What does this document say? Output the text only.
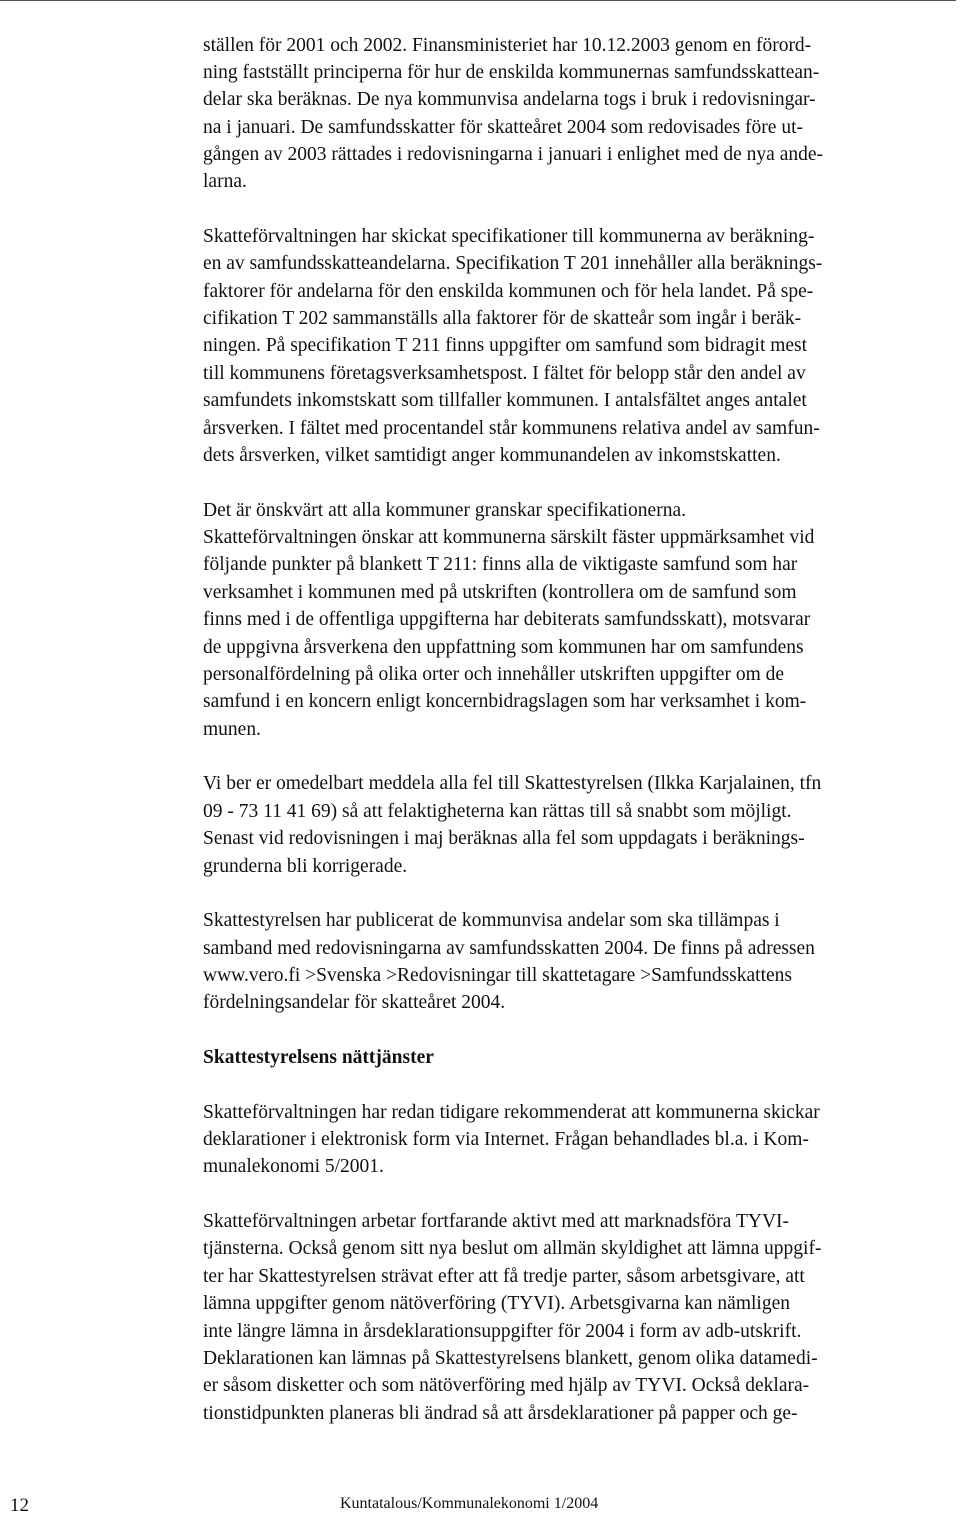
ställen för 2001 och 2002. Finansministeriet har 10.12.2003 genom en förord-
ning fastställt principerna för hur de enskilda kommunernas samfundsskattean-
delar ska beräknas. De nya kommunvisa andelarna togs i bruk i redovisningar-
na i januari. De samfundsskatter för skatteåret 2004 som redovisades före ut-
gången av 2003 rättades i redovisningarna i januari i enlighet med de nya ande-
larna.
Skatteförvaltningen har skickat specifikationer till kommunerna av beräkning-
en av samfundsskatteandelarna. Specifikation T 201 innehåller alla beräknings-
faktorer för andelarna för den enskilda kommunen och för hela landet. På spe-
cifikation T 202 sammanställs alla faktorer för de skatteår som ingår i beräk-
ningen. På specifikation T 211 finns uppgifter om samfund som bidragit mest
till kommunens företagsverksamhetspost. I fältet för belopp står den andel av
samfundets inkomstskatt som tillfaller kommunen. I antalsfältet anges antalet
årsverken. I fältet med procentandel står kommunens relativa andel av samfun-
dets årsverken, vilket samtidigt anger kommunandelen av inkomstskatten.
Det är önskvärt att alla kommuner granskar specifikationerna.
Skatteförvaltningen önskar att kommunerna särskilt fäster uppmärksamhet vid
följande punkter på blankett T 211: finns alla de viktigaste samfund som har
verksamhet i kommunen med på utskriften (kontrollera om de samfund som
finns med i de offentliga uppgifterna har debiterats samfundsskatt), motsvarar
de uppgivna årsverkena den uppfattning som kommunen har om samfundens
personalfördelning på olika orter och innehåller utskriften uppgifter om de
samfund i en koncern enligt koncernbidragslagen som har verksamhet i kom-
munen.
Vi ber er omedelbart meddela alla fel till Skattestyrelsen (Ilkka Karjalainen, tfn
09 - 73 11 41 69) så att felaktigheterna kan rättas till så snabbt som möjligt.
Senast vid redovisningen i maj beräknas alla fel som uppdagats i beräknings-
grunderna bli korrigerade.
Skattestyrelsen har publicerat de kommunvisa andelar som ska tillämpas i
samband med redovisningarna av samfundsskatten 2004. De finns på adressen
www.vero.fi >Svenska >Redovisningar till skattetagare >Samfundsskattens
fördelningsandelar för skatteåret 2004.
Skattestyrelsens nättjänster
Skatteförvaltningen har redan tidigare rekommenderat att kommunerna skickar
deklarationer i elektronisk form via Internet. Frågan behandlades bl.a. i Kom-
munalekonomi 5/2001.
Skatteförvaltningen arbetar fortfarande aktivt med att marknadsföra TYVI-
tjänsterna. Också genom sitt nya beslut om allmän skyldighet att lämna uppgif-
ter har Skattestyrelsen strävat efter att få tredje parter, såsom arbetsgivare, att
lämna uppgifter genom nätöverföring (TYVI). Arbetsgivarna kan nämligen
inte längre lämna in årsdeklarationsuppgifter för 2004 i form av adb-utskrift.
Deklarationen kan lämnas på Skattestyrelsens blankett, genom olika datamedi-
er såsom disketter och som nätöverföring med hjälp av TYVI. Också deklara-
tionstidpunkten planeras bli ändrad så att årsdeklarationer på papper och ge-
12	Kuntatalous/Kommunalekonomi 1/2004
